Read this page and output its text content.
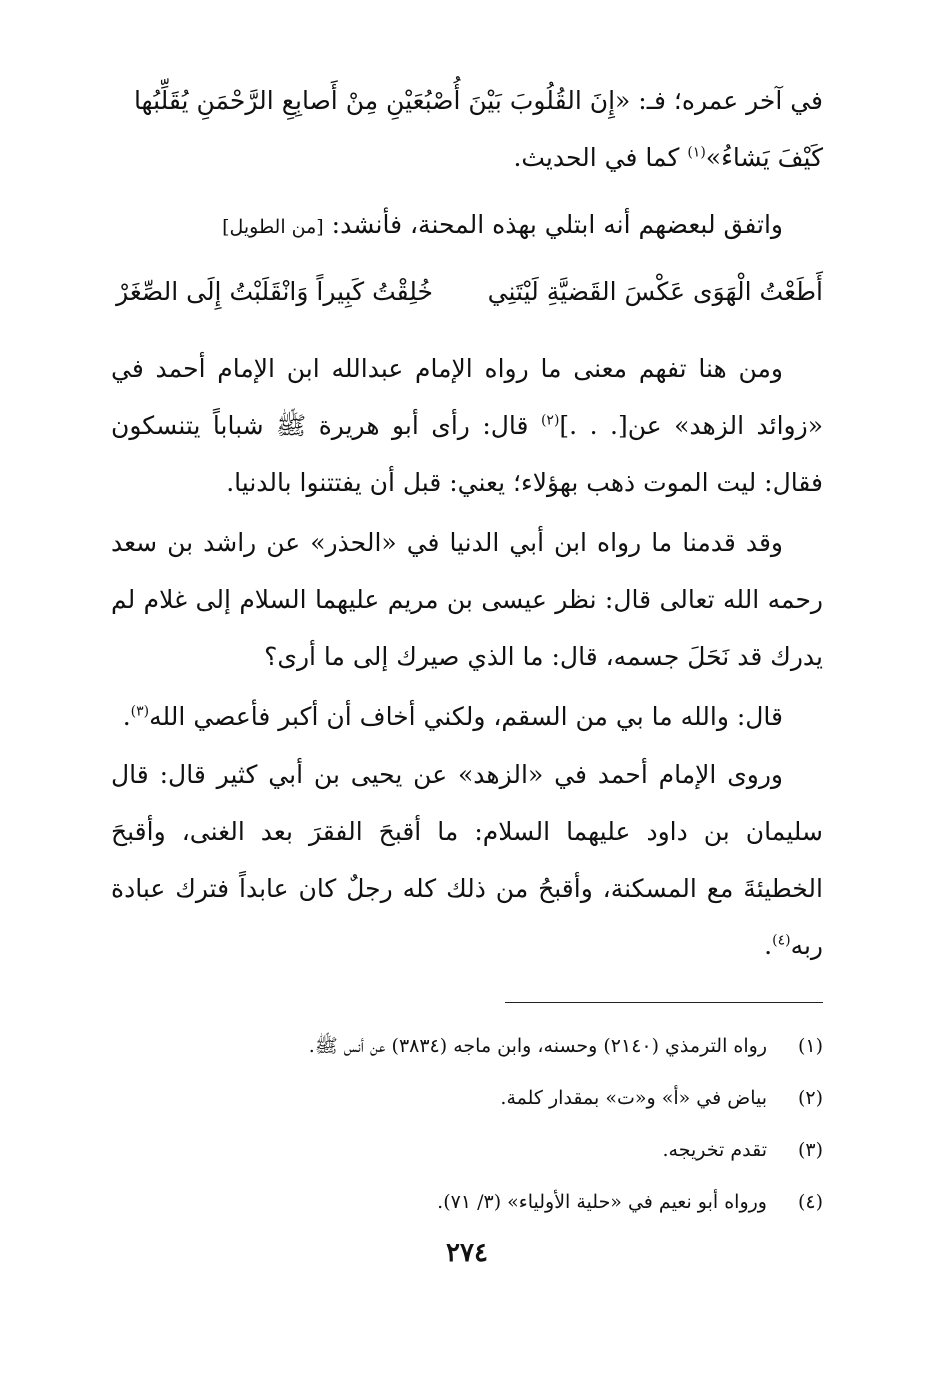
في آخر عمره؛ فـ: «إِنَ القُلُوبَ بَيْنَ أُصْبُعَيْنِ مِنْ أَصابِعِ الرَّحْمَنِ يُقَلِّبُها كَيْفَ يَشاءُ»$^{(١)}$ كما في الحديث.

واتفق لبعضهم أنه ابتلي بهذه المحنة، فأنشد: [من الطويل]

أَطَعْتُ الْهَوَى عَكْسَ القَضيَّةِ لَيْتَنِي
خُلِقْتُ كَبِيراً وَانْقَلَبْتُ إِلَى الصِّغَرْ

ومن هنا تفهم معنى ما رواه الإمام عبدالله ابن الإمام أحمد في «زوائد الزهد» عن[. . .]$^{(٢)}$ قال: رأى أبو هريرة ﷺ شباباً يتنسكون فقال: ليت الموت ذهب بهؤلاء؛ يعني: قبل أن يفتتنوا بالدنيا.

وقد قدمنا ما رواه ابن أبي الدنيا في «الحذر» عن راشد بن سعد رحمه الله تعالى قال: نظر عيسى بن مريم عليهما السلام إلى غلام لم يدرك قد نَحَلَ جسمه، قال: ما الذي صيرك إلى ما أرى؟

قال: والله ما بي من السقم، ولكني أخاف أن أكبر فأعصي الله$^{(٣)}$.

وروى الإمام أحمد في «الزهد» عن يحيى بن أبي كثير قال: قال سليمان بن داود عليهما السلام: ما أقبحَ الفقرَ بعد الغنى، وأقبحَ الخطيئةَ مع المسكنة، وأقبحُ من ذلك كله رجلٌ كان عابداً فترك عبادة ربه$^{(٤)}$.

(١)رواه الترمذي (٢١٤٠) وحسنه، وابن ماجه (٣٨٣٤) عن أنس ﷺ.

(٢)بياض في «أ» و«ت» بمقدار كلمة.

(٣)تقدم تخريجه.

(٤)ورواه أبو نعيم في «حلية الأولياء» (٣/ ٧١).

٢٧٤
